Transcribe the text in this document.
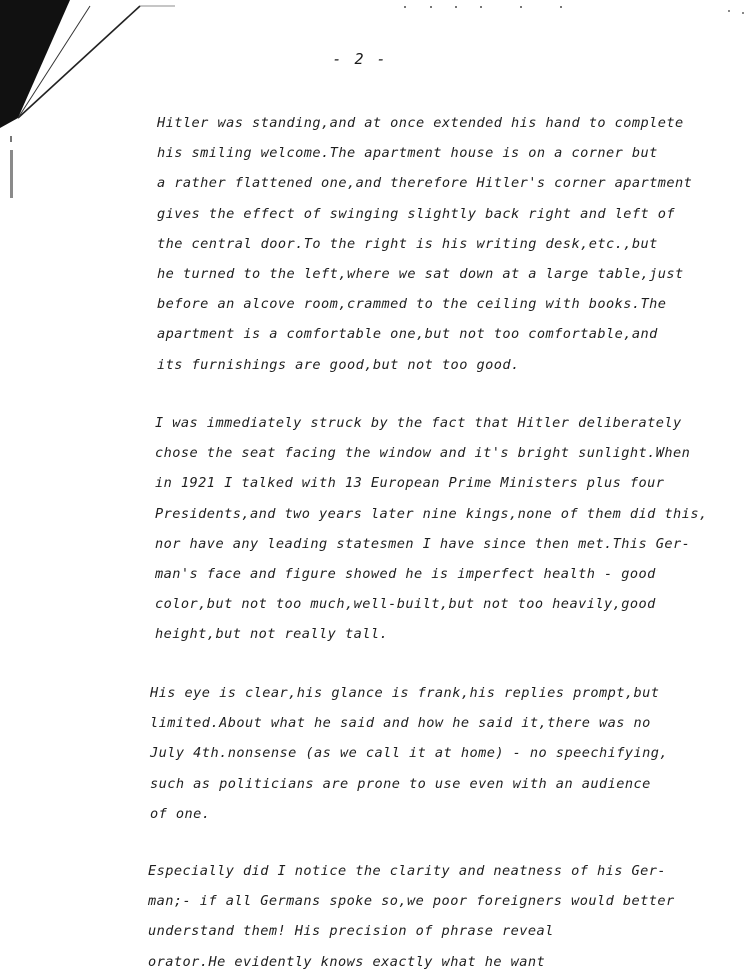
- 2 -
Hitler was standing,and at once extended his hand to complete
his smiling welcome.The apartment house is on a corner but
a rather flattened one,and therefore Hitler's corner apartment
gives the effect of swinging slightly back right and left of
the central door.To the right is his writing desk,etc.,but
he turned to the left,where we sat down at a large table,just
before an alcove room,crammed to the ceiling with books.The
apartment is a comfortable one,but not too comfortable,and
its furnishings are good,but not too good.
I was immediately struck by the fact that Hitler deliberately
chose the seat facing the window and it's bright sunlight.When
in 1921 I talked with 13 European Prime Ministers plus four
Presidents,and two years later nine kings,none of them did this,
nor have any leading statesmen I have since then met.This Ger-
man's face and figure showed he is imperfect health - good
color,but not too much,well-built,but not too heavily,good
height,but not really tall.
His eye is clear,his glance is frank,his replies prompt,but
limited.About what he said and how he said it,there was no
July 4th.nonsense (as we call it at home) - no speechifying,
such as politicians are prone to use even with an audience
of one.
Especially did I notice the clarity and neatness of his Ger-
man;- if all Germans spoke so,we poor foreigners would better
understand them! His precision of phrase reveal
orator.He evidently knows exactly what he want
